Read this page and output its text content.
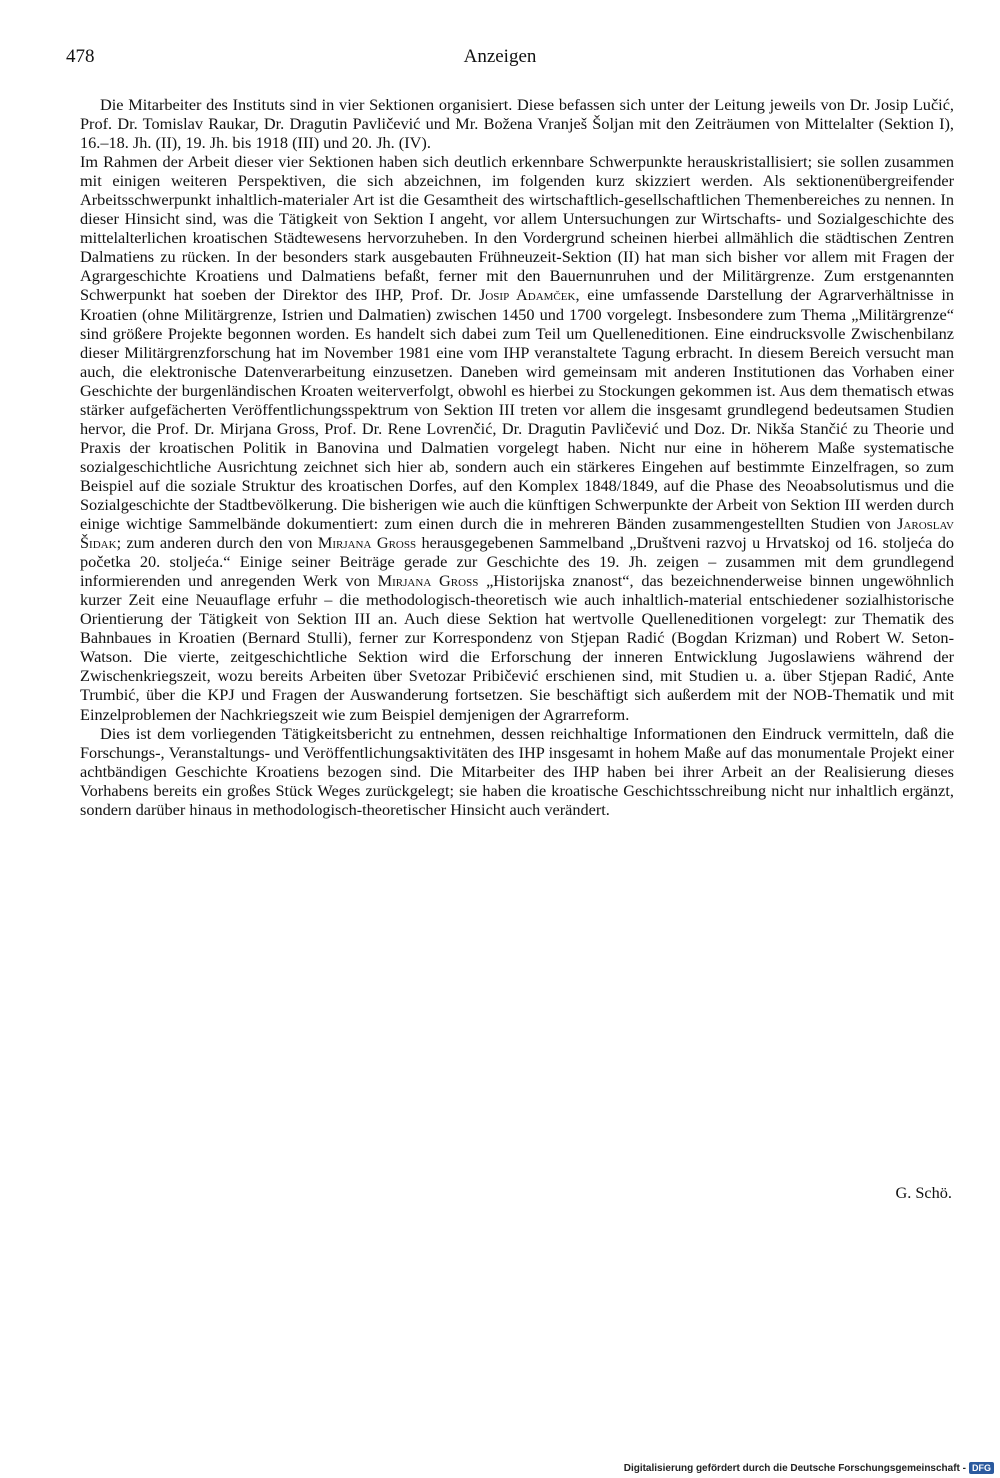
478	Anzeigen

Die Mitarbeiter des Instituts sind in vier Sektionen organisiert. Diese befassen sich unter der Leitung jeweils von Dr. Josip Lučić, Prof. Dr. Tomislav Raukar, Dr. Dragutin Pavličević und Mr. Božena Vranješ Šoljan mit den Zeiträumen von Mittelalter (Sektion I), 16.–18. Jh. (II), 19. Jh. bis 1918 (III) und 20. Jh. (IV).

Im Rahmen der Arbeit dieser vier Sektionen haben sich deutlich erkennbare Schwerpunkte herauskristallisiert; sie sollen zusammen mit einigen weiteren Perspektiven, die sich abzeichnen, im folgenden kurz skizziert werden. Als sektionenübergreifender Arbeitsschwerpunkt inhaltlich-materialer Art ist die Gesamtheit des wirtschaftlich-gesellschaftlichen Themenbereiches zu nennen. In dieser Hinsicht sind, was die Tätigkeit von Sektion I angeht, vor allem Untersuchungen zur Wirtschafts- und Sozialgeschichte des mittelalterlichen kroatischen Städtewesens hervorzuheben. In den Vordergrund scheinen hierbei allmählich die städtischen Zentren Dalmatiens zu rücken. In der besonders stark ausgebauten Frühneuzeit-Sektion (II) hat man sich bisher vor allem mit Fragen der Agrargeschichte Kroatiens und Dalmatiens befaßt, ferner mit den Bauernunruhen und der Militärgrenze. Zum erstgenannten Schwerpunkt hat soeben der Direktor des IHP, Prof. Dr. Josip Adamček, eine umfassende Darstellung der Agrarverhältnisse in Kroatien (ohne Militärgrenze, Istrien und Dalmatien) zwischen 1450 und 1700 vorgelegt. Insbesondere zum Thema „Militärgrenze“ sind größere Projekte begonnen worden. Es handelt sich dabei zum Teil um Quelleneditionen. Eine eindrucksvolle Zwischenbilanz dieser Militärgrenzforschung hat im November 1981 eine vom IHP veranstaltete Tagung erbracht. In diesem Bereich versucht man auch, die elektronische Datenverarbeitung einzusetzen. Daneben wird gemeinsam mit anderen Institutionen das Vorhaben einer Geschichte der burgenländischen Kroaten weiterverfolgt, obwohl es hierbei zu Stockungen gekommen ist. Aus dem thematisch etwas stärker aufgefächerten Veröffentlichungsspektrum von Sektion III treten vor allem die insgesamt grundlegend bedeutsamen Studien hervor, die Prof. Dr. Mirjana Gross, Prof. Dr. Rene Lovrenčić, Dr. Dragutin Pavličević und Doz. Dr. Nikša Stančić zu Theorie und Praxis der kroatischen Politik in Banovina und Dalmatien vorgelegt haben. Nicht nur eine in höherem Maße systematische sozialgeschichtliche Ausrichtung zeichnet sich hier ab, sondern auch ein stärkeres Eingehen auf bestimmte Einzelfragen, so zum Beispiel auf die soziale Struktur des kroatischen Dorfes, auf den Komplex 1848/1849, auf die Phase des Neoabsolutismus und die Sozialgeschichte der Stadtbevölkerung. Die bisherigen wie auch die künftigen Schwerpunkte der Arbeit von Sektion III werden durch einige wichtige Sammelbände dokumentiert: zum einen durch die in mehreren Bänden zusammengestellten Studien von Jaroslav Šidak; zum anderen durch den von Mirjana Gross herausgegebenen Sammelband „Društveni razvoj u Hrvatskoj od 16. stoljeća do početka 20. stoljeća.“ Einige seiner Beiträge gerade zur Geschichte des 19. Jh. zeigen – zusammen mit dem grundlegend informierenden und anregenden Werk von Mirjana Gross „Historijska znanost“, das bezeichnenderweise binnen ungewöhnlich kurzer Zeit eine Neuauflage erfuhr – die methodologisch-theoretisch wie auch inhaltlich-material entschiedener sozialhistorische Orientierung der Tätigkeit von Sektion III an. Auch diese Sektion hat wertvolle Quelleneditionen vorgelegt: zur Thematik des Bahnbaues in Kroatien (Bernard Stulli), ferner zur Korrespondenz von Stjepan Radić (Bogdan Krizman) und Robert W. Seton-Watson. Die vierte, zeitgeschichtliche Sektion wird die Erforschung der inneren Entwicklung Jugoslawiens während der Zwischenkriegszeit, wozu bereits Arbeiten über Svetozar Pribičević erschienen sind, mit Studien u. a. über Stjepan Radić, Ante Trumbić, über die KPJ und Fragen der Auswanderung fortsetzen. Sie beschäftigt sich außerdem mit der NOB-Thematik und mit Einzelproblemen der Nachkriegszeit wie zum Beispiel demjenigen der Agrarreform.

Dies ist dem vorliegenden Tätigkeitsbericht zu entnehmen, dessen reichhaltige Informationen den Eindruck vermitteln, daß die Forschungs-, Veranstaltungs- und Veröffentlichungsaktivitäten des IHP insgesamt in hohem Maße auf das monumentale Projekt einer achtbändigen Geschichte Kroatiens bezogen sind. Die Mitarbeiter des IHP haben bei ihrer Arbeit an der Realisierung dieses Vorhabens bereits ein großes Stück Weges zurückgelegt; sie haben die kroatische Geschichtsschreibung nicht nur inhaltlich ergänzt, sondern darüber hinaus in methodologisch-theoretischer Hinsicht auch verändert.

G. Schö.
Digitalisierung gefördert durch die Deutsche Forschungsgemeinschaft - DFG
